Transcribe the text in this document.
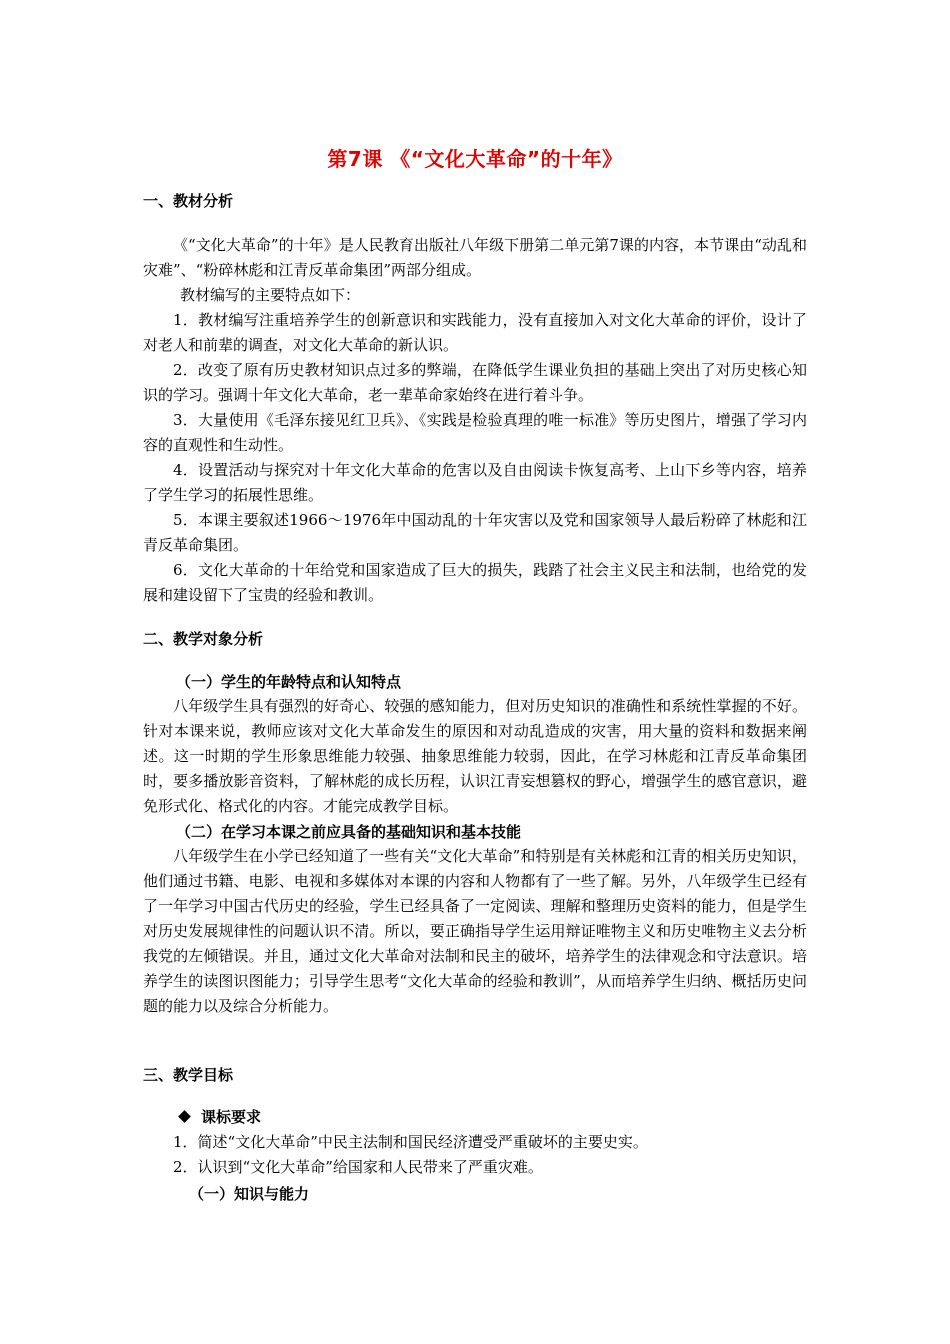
第7课 《“文化大革命”的十年》
一、教材分析

《“文化大革命”的十年》是人民教育出版社八年级下册第二单元第7课的内容，本节课由“动乱和灾难”、“粉碎林彪和江青反革命集团”两部分组成。

教材编写的主要特点如下：

1．教材编写注重培养学生的创新意识和实践能力，没有直接加入对文化大革命的评价，设计了对老人和前辈的调查，对文化大革命的新认识。

2．改变了原有历史教材知识点过多的弊端，在降低学生课业负担的基础上突出了对历史核心知识的学习。强调十年文化大革命，老一辈革命家始终在进行着斗争。

3．大量使用《毛泽东接见红卫兵》、《实践是检验真理的唯一标准》等历史图片，增强了学习内容的直观性和生动性。

4．设置活动与探究对十年文化大革命的危害以及自由阅读卡恢复高考、上山下乡等内容，培养了学生学习的拓展性思维。

5．本课主要叙述1966～1976年中国动乱的十年灾害以及党和国家领导人最后粉碎了林彪和江青反革命集团。

6．文化大革命的十年给党和国家造成了巨大的损失，践踏了社会主义民主和法制，也给党的发展和建设留下了宝贵的经验和教训。

二、教学对象分析
（一）学生的年龄特点和认知特点

八年级学生具有强烈的好奇心、较强的感知能力，但对历史知识的准确性和系统性掌握的不好。针对本课来说，教师应该对文化大革命发生的原因和对动乱造成的灾害，用大量的资料和数据来阐述。这一时期的学生形象思维能力较强、抽象思维能力较弱，因此，在学习林彪和江青反革命集团时，要多播放影音资料，了解林彪的成长历程，认识江青妄想篡权的野心，增强学生的感官意识，避免形式化、格式化的内容。才能完成教学目标。

（二）在学习本课之前应具备的基础知识和基本技能

八年级学生在小学已经知道了一些有关“文化大革命”和特别是有关林彪和江青的相关历史知识，他们通过书籍、电影、电视和多媒体对本课的内容和人物都有了一些了解。另外，八年级学生已经有了一年学习中国古代历史的经验，学生已经具备了一定阅读、理解和整理历史资料的能力，但是学生对历史发展规律性的问题认识不清。所以，要正确指导学生运用辩证唯物主义和历史唯物主义去分析我党的左倾错误。并且，通过文化大革命对法制和民主的破坏，培养学生的法律观念和守法意识。培养学生的读图识图能力；引导学生思考“文化大革命的经验和教训”，从而培养学生归纳、概括历史问题的能力以及综合分析能力。

三、教学目标

课标要求

1．简述“文化大革命”中民主法制和国民经济遭受严重破坏的主要史实。

2．认识到“文化大革命”给国家和人民带来了严重灾难。

（一）知识与能力
